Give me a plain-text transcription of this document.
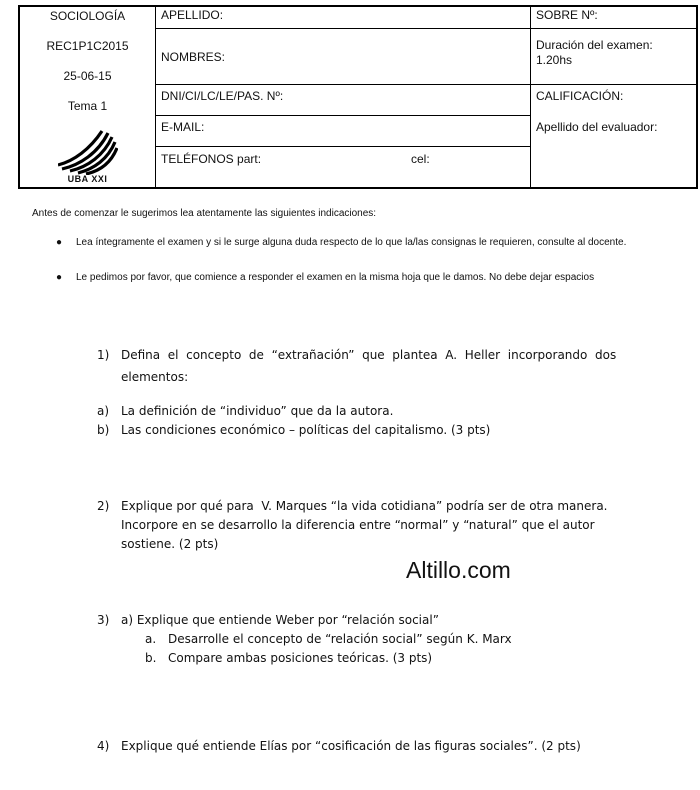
SOCIOLOGÍA
REC1P1C2015
25-06-15
Tema 1
UBA XXI
APELLIDO:
NOMBRES:
DNI/CI/LC/LE/PAS. Nº:
E-MAIL:
TELÉFONOS part:	cel:
SOBRE Nº:
Duración del examen: 1.20hs
CALIFICACIÓN:
Apellido del evaluador:
Antes de comenzar le sugerimos lea atentamente las siguientes indicaciones:
● Lea íntegramente el examen y si le surge alguna duda respecto de lo que la/las consignas le requieren, consulte al docente.
● Le pedimos por favor, que comience a responder el examen en la misma hoja que le damos. No debe dejar espacios
1) Defina  el  concepto  de  “extrañación”  que  plantea  A.  Heller  incorporando  dos
elementos:
a) La definición de “individuo” que da la autora.
b) Las condiciones económico – políticas del capitalismo. (3 pts)
2) Explique por qué para  V. Marques “la vida cotidiana” podría ser de otra manera.
Incorpore en se desarrollo la diferencia entre “normal” y “natural” que el autor
sostiene. (2 pts)
Altillo.com
3) a) Explique que entiende Weber por “relación social”
a. Desarrolle el concepto de “relación social” según K. Marx
b. Compare ambas posiciones teóricas. (3 pts)
4) Explique qué entiende Elías por “cosificación de las figuras sociales”. (2 pts)
